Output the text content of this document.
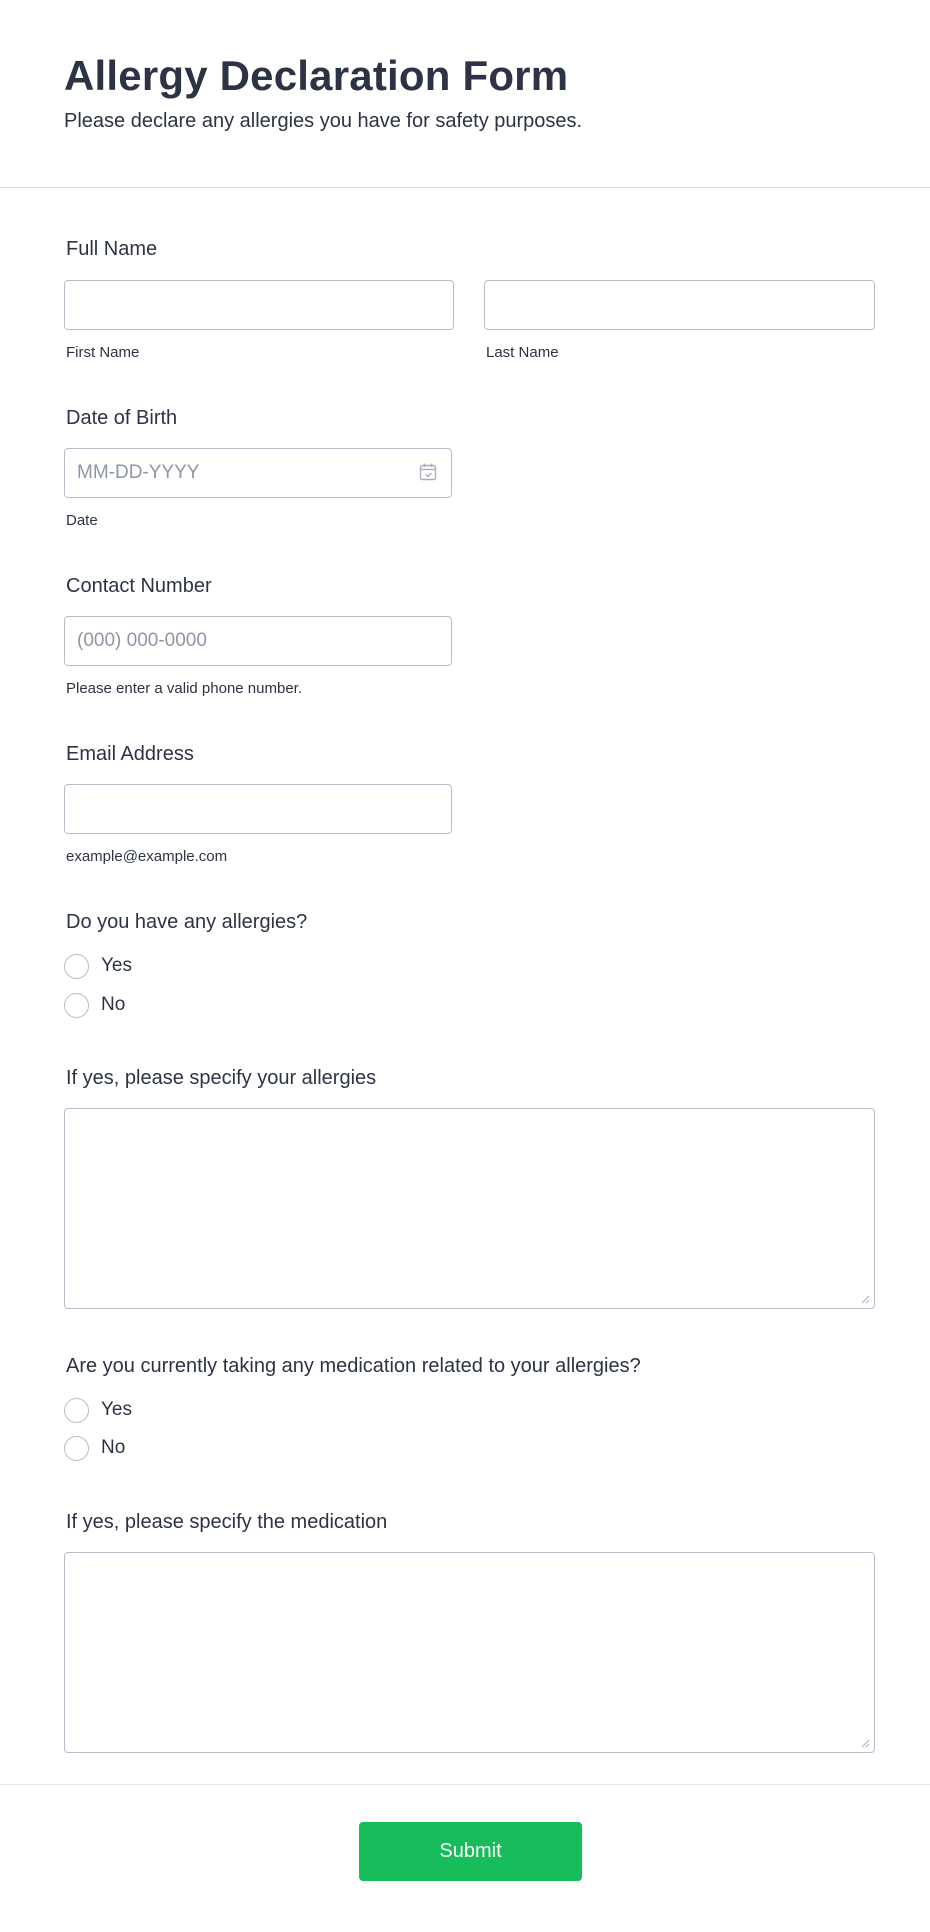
Allergy Declaration Form
Please declare any allergies you have for safety purposes.
Full Name
First Name	Last Name
Date of Birth
MM-DD-YYYY
Date
Contact Number
(000) 000-0000
Please enter a valid phone number.
Email Address
example@example.com
Do you have any allergies?
Yes
No
If yes, please specify your allergies
Are you currently taking any medication related to your allergies?
Yes
No
If yes, please specify the medication
Submit
